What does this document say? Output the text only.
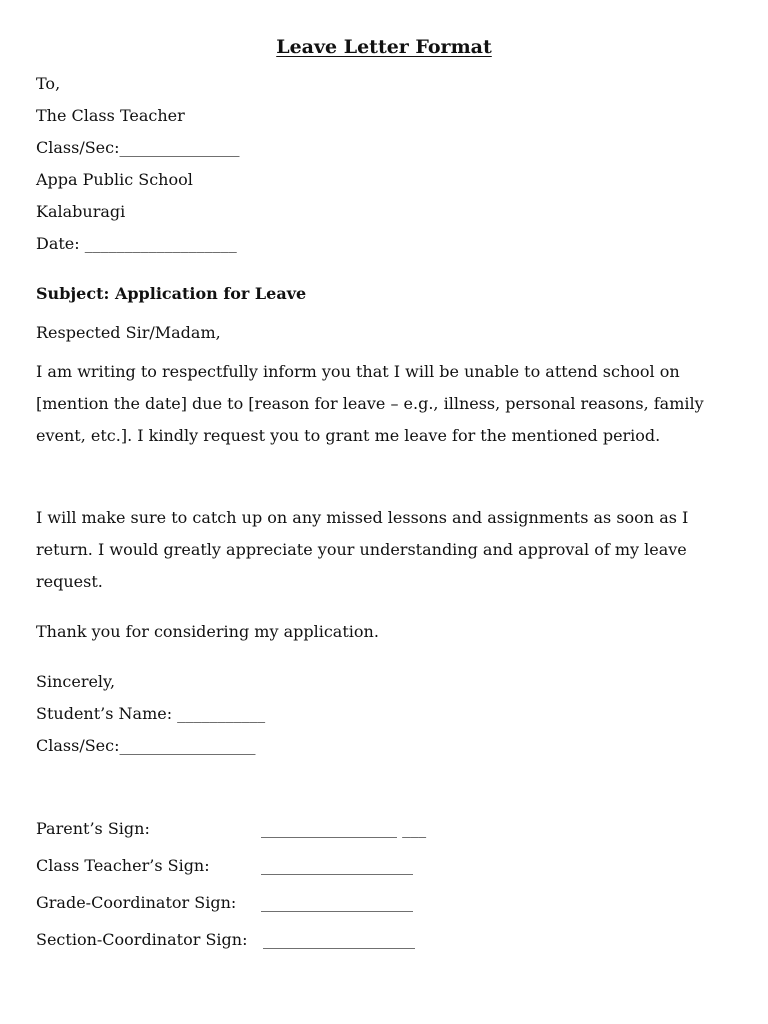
Leave Letter Format
To,
The Class Teacher
Class/Sec:_______________
Appa Public School
Kalaburagi
Date: ___________________
Subject: Application for Leave
Respected Sir/Madam,
I am writing to respectfully inform you that I will be unable to attend school on [mention the date] due to [reason for leave – e.g., illness, personal reasons, family event, etc.]. I kindly request you to grant me leave for the mentioned period.
I will make sure to catch up on any missed lessons and assignments as soon as I return. I would greatly appreciate your understanding and approval of my leave request.
Thank you for considering my application.
Sincerely,
Student’s Name: ___________
Class/Sec:_________________
Parent’s Sign:	_________________ ___
Class Teacher’s Sign:	___________________
Grade-Coordinator Sign: ___________________
Section-Coordinator Sign: ___________________
